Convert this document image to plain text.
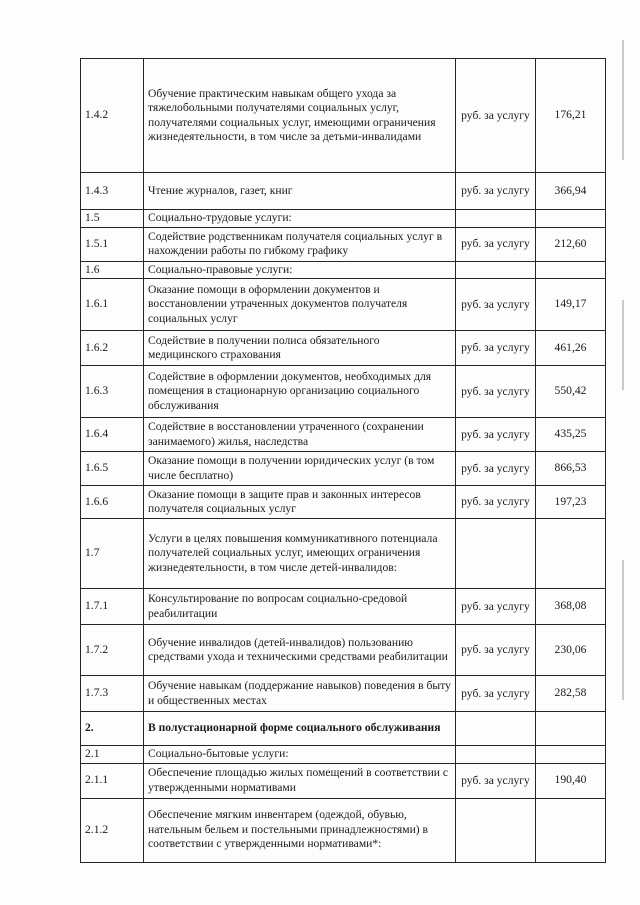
1.4.2	Обучение практическим навыкам общего ухода за тяжелобольными получателями социальных услуг, получателями социальных услуг, имеющими ограничения жизнедеятельности, в том числе за детьми-инвалидами	руб. за услугу	176,21
1.4.3	Чтение журналов, газет, книг	руб. за услугу	366,94
1.5	Социально-трудовые услуги:		
1.5.1	Содействие родственникам получателя социальных услуг в нахождении работы по гибкому графику	руб. за услугу	212,60
1.6	Социально-правовые услуги:		
1.6.1	Оказание помощи в оформлении документов и восстановлении утраченных документов получателя социальных услуг	руб. за услугу	149,17
1.6.2	Содействие в получении полиса обязательного медицинского страхования	руб. за услугу	461,26
1.6.3	Содействие в оформлении документов, необходимых для помещения в стационарную организацию социального обслуживания	руб. за услугу	550,42
1.6.4	Содействие в восстановлении утраченного (сохранении занимаемого) жилья, наследства	руб. за услугу	435,25
1.6.5	Оказание помощи в получении юридических услуг (в том числе бесплатно)	руб. за услугу	866,53
1.6.6	Оказание помощи в защите прав и законных интересов получателя социальных услуг	руб. за услугу	197,23
1.7	Услуги в целях повышения коммуникативного потенциала получателей социальных услуг, имеющих ограничения жизнедеятельности, в том числе детей-инвалидов:		
1.7.1	Консультирование по вопросам социально-средовой реабилитации	руб. за услугу	368,08
1.7.2	Обучение инвалидов (детей-инвалидов) пользованию средствами ухода и техническими средствами реабилитации	руб. за услугу	230,06
1.7.3	Обучение навыкам (поддержание навыков) поведения в быту и общественных местах	руб. за услугу	282,58
2.	В полустационарной форме социального обслуживания		
2.1	Социально-бытовые услуги:		
2.1.1	Обеспечение площадью жилых помещений в соответствии с утвержденными нормативами	руб. за услугу	190,40
2.1.2	Обеспечение мягким инвентарем (одеждой, обувью, нательным бельем и постельными принадлежностями) в соответствии с утвержденными нормативами*:		
